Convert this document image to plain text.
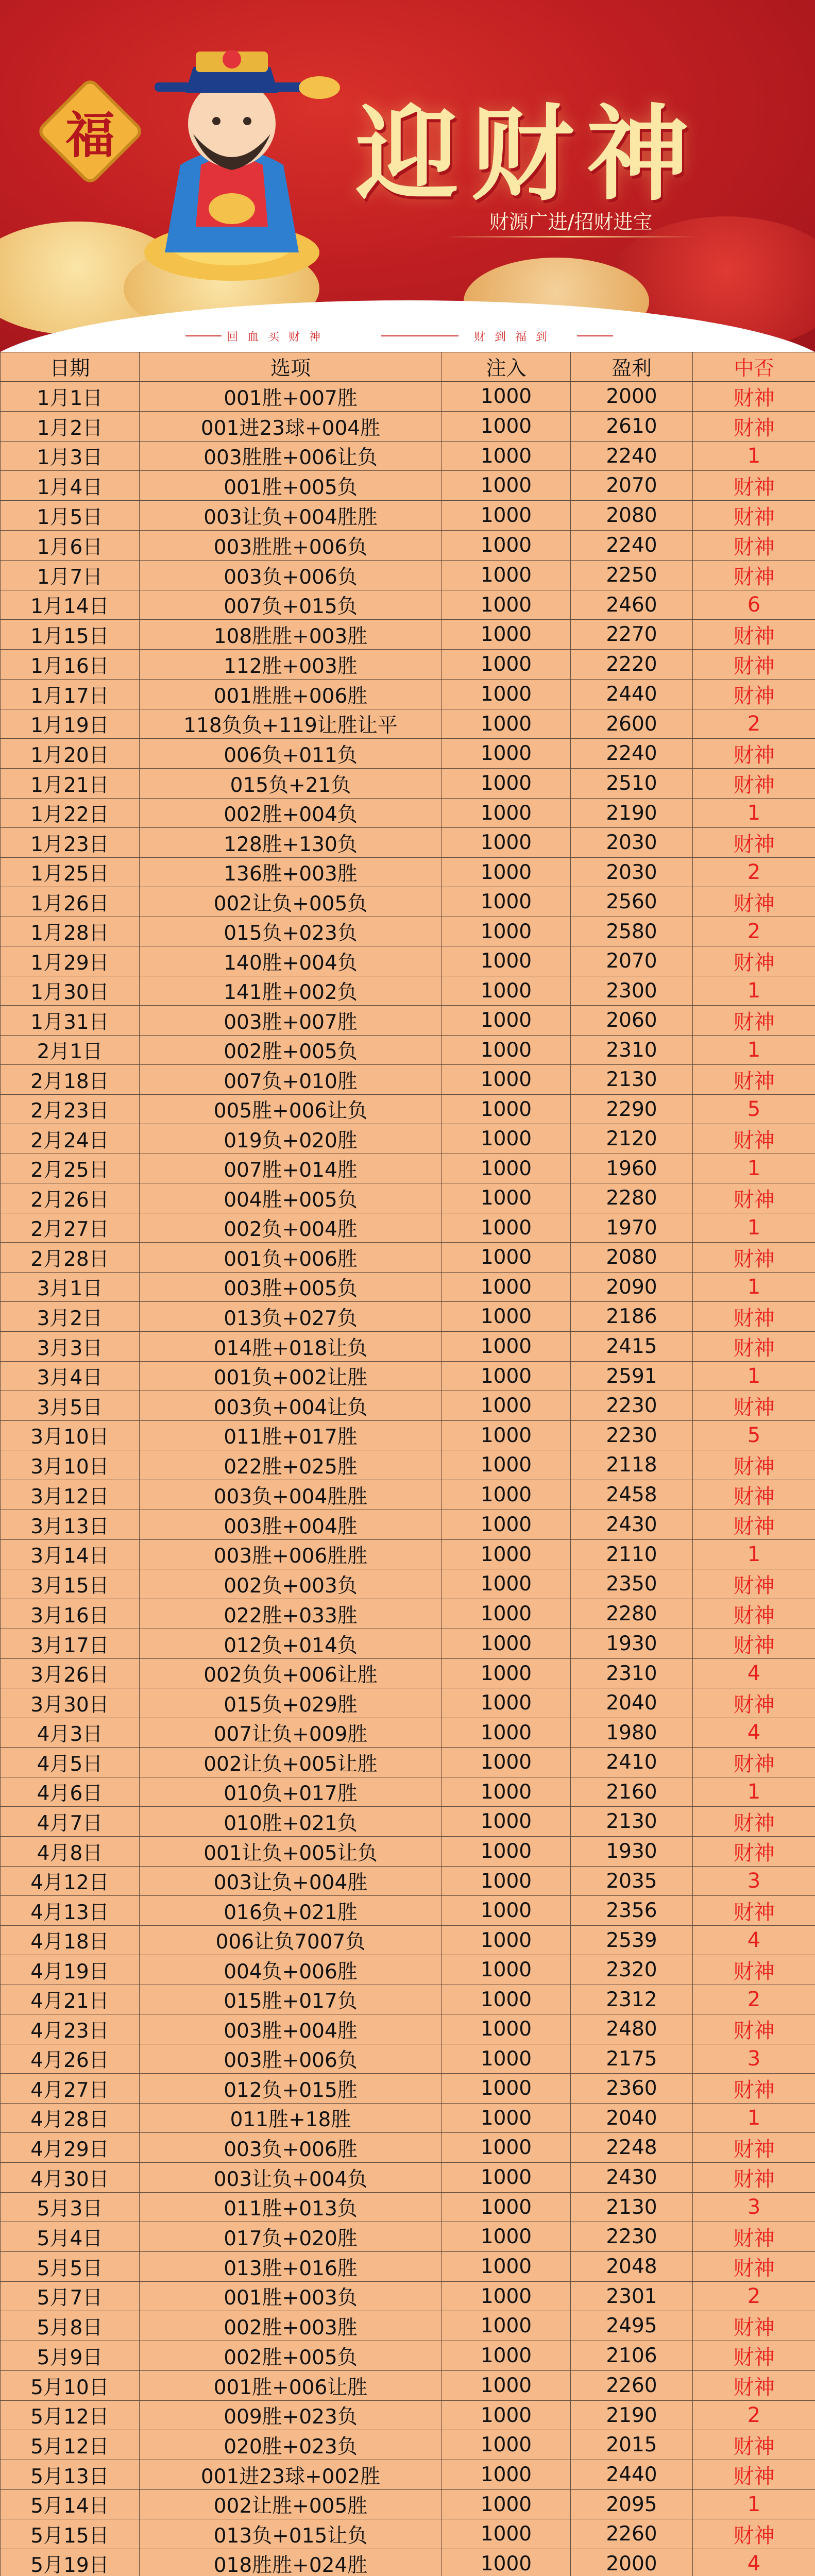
福 迎财神
财源广进/招财进宝
回血买财神	财到福到
日期	选项	注入	盈利	中否
1月1日	001胜+007胜	1000	2000	财神
1月2日	001进23球+004胜	1000	2610	财神
1月3日	003胜胜+006让负	1000	2240	1
1月4日	001胜+005负	1000	2070	财神
1月5日	003让负+004胜胜	1000	2080	财神
1月6日	003胜胜+006负	1000	2240	财神
1月7日	003负+006负	1000	2250	财神
1月14日	007负+015负	1000	2460	6
1月15日	108胜胜+003胜	1000	2270	财神
1月16日	112胜+003胜	1000	2220	财神
1月17日	001胜胜+006胜	1000	2440	财神
1月19日	118负负+119让胜让平	1000	2600	2
1月20日	006负+011负	1000	2240	财神
1月21日	015负+21负	1000	2510	财神
1月22日	002胜+004负	1000	2190	1
1月23日	128胜+130负	1000	2030	财神
1月25日	136胜+003胜	1000	2030	2
1月26日	002让负+005负	1000	2560	财神
1月28日	015负+023负	1000	2580	2
1月29日	140胜+004负	1000	2070	财神
1月30日	141胜+002负	1000	2300	1
1月31日	003胜+007胜	1000	2060	财神
2月1日	002胜+005负	1000	2310	1
2月18日	007负+010胜	1000	2130	财神
2月23日	005胜+006让负	1000	2290	5
2月24日	019负+020胜	1000	2120	财神
2月25日	007胜+014胜	1000	1960	1
2月26日	004胜+005负	1000	2280	财神
2月27日	002负+004胜	1000	1970	1
2月28日	001负+006胜	1000	2080	财神
3月1日	003胜+005负	1000	2090	1
3月2日	013负+027负	1000	2186	财神
3月3日	014胜+018让负	1000	2415	财神
3月4日	001负+002让胜	1000	2591	1
3月5日	003负+004让负	1000	2230	财神
3月10日	011胜+017胜	1000	2230	5
3月10日	022胜+025胜	1000	2118	财神
3月12日	003负+004胜胜	1000	2458	财神
3月13日	003胜+004胜	1000	2430	财神
3月14日	003胜+006胜胜	1000	2110	1
3月15日	002负+003负	1000	2350	财神
3月16日	022胜+033胜	1000	2280	财神
3月17日	012负+014负	1000	1930	财神
3月26日	002负负+006让胜	1000	2310	4
3月30日	015负+029胜	1000	2040	财神
4月3日	007让负+009胜	1000	1980	4
4月5日	002让负+005让胜	1000	2410	财神
4月6日	010负+017胜	1000	2160	1
4月7日	010胜+021负	1000	2130	财神
4月8日	001让负+005让负	1000	1930	财神
4月12日	003让负+004胜	1000	2035	3
4月13日	016负+021胜	1000	2356	财神
4月18日	006让负7007负	1000	2539	4
4月19日	004负+006胜	1000	2320	财神
4月21日	015胜+017负	1000	2312	2
4月23日	003胜+004胜	1000	2480	财神
4月26日	003胜+006负	1000	2175	3
4月27日	012负+015胜	1000	2360	财神
4月28日	011胜+18胜	1000	2040	1
4月29日	003负+006胜	1000	2248	财神
4月30日	003让负+004负	1000	2430	财神
5月3日	011胜+013负	1000	2130	3
5月4日	017负+020胜	1000	2230	财神
5月5日	013胜+016胜	1000	2048	财神
5月7日	001胜+003负	1000	2301	2
5月8日	002胜+003胜	1000	2495	财神
5月9日	002胜+005负	1000	2106	财神
5月10日	001胜+006让胜	1000	2260	财神
5月12日	009胜+023负	1000	2190	2
5月12日	020胜+023负	1000	2015	财神
5月13日	001进23球+002胜	1000	2440	财神
5月14日	002让胜+005胜	1000	2095	1
5月15日	013负+015让负	1000	2260	财神
5月19日	018胜胜+024胜	1000	2000	4
